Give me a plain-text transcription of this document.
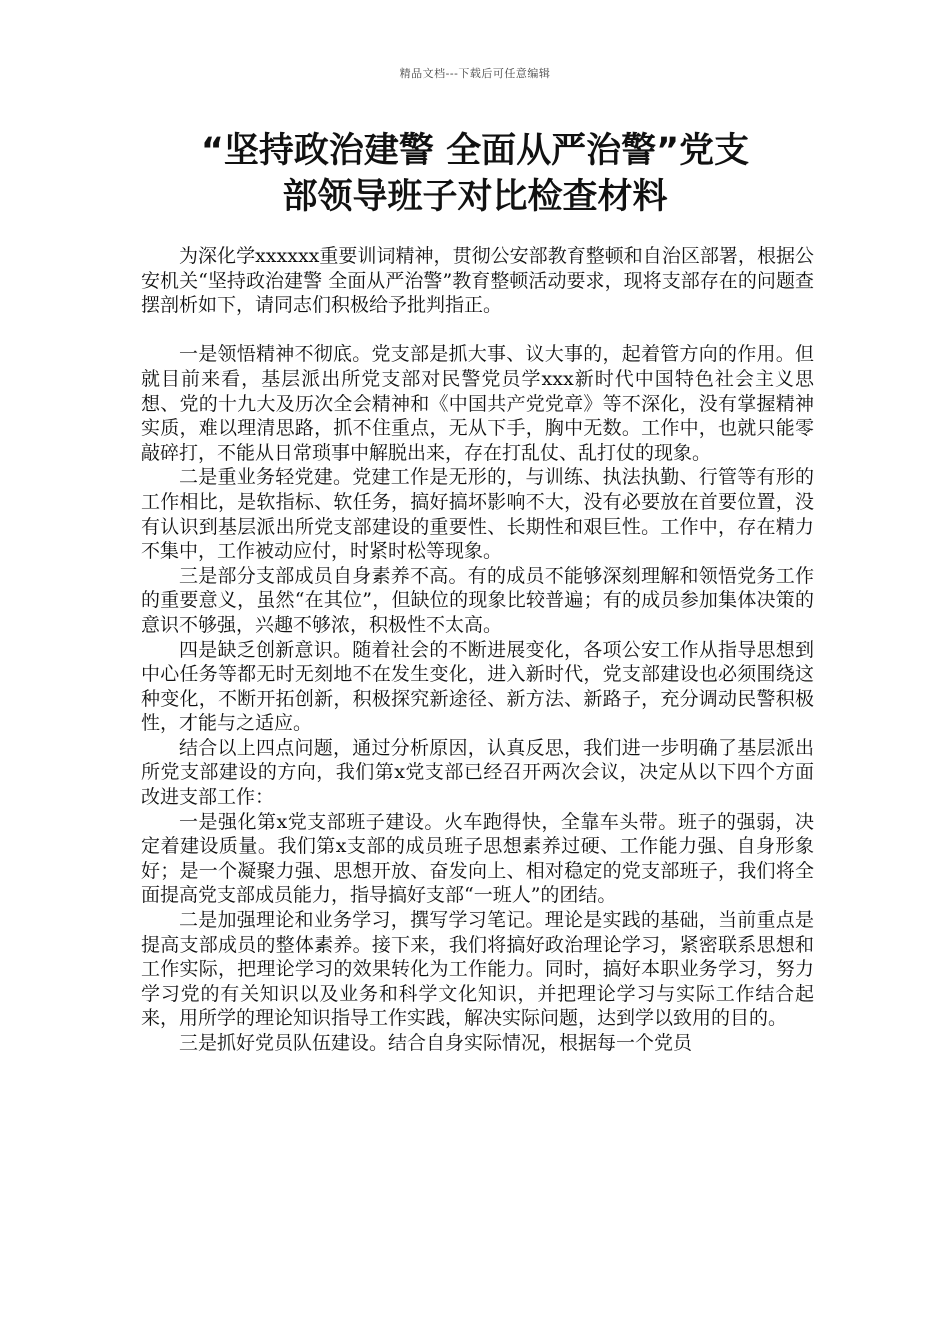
精品文档---下载后可任意编辑
“坚持政治建警 全面从严治警”党支
部领导班子对比检查材料

为深化学xxxxxx重要训词精神，贯彻公安部教育整顿和自治区部署，根据公安机关“坚持政治建警 全面从严治警”教育整顿活动要求，现将支部存在的问题查摆剖析如下，请同志们积极给予批判指正。

一是领悟精神不彻底。党支部是抓大事、议大事的，起着管方向的作用。但就目前来看，基层派出所党支部对民警党员学xxx新时代中国特色社会主义思想、党的十九大及历次全会精神和《中国共产党党章》等不深化，没有掌握精神实质，难以理清思路，抓不住重点，无从下手，胸中无数。工作中，也就只能零敲碎打，不能从日常琐事中解脱出来，存在打乱仗、乱打仗的现象。

二是重业务轻党建。党建工作是无形的，与训练、执法执勤、行管等有形的工作相比，是软指标、软任务，搞好搞坏影响不大，没有必要放在首要位置，没有认识到基层派出所党支部建设的重要性、长期性和艰巨性。工作中，存在精力不集中，工作被动应付，时紧时松等现象。

三是部分支部成员自身素养不高。有的成员不能够深刻理解和领悟党务工作的重要意义，虽然“在其位”，但缺位的现象比较普遍；有的成员参加集体决策的意识不够强，兴趣不够浓，积极性不太高。

四是缺乏创新意识。随着社会的不断进展变化，各项公安工作从指导思想到中心任务等都无时无刻地不在发生变化，进入新时代，党支部建设也必须围绕这种变化，不断开拓创新，积极探究新途径、新方法、新路子，充分调动民警积极性，才能与之适应。

结合以上四点问题，通过分析原因，认真反思，我们进一步明确了基层派出所党支部建设的方向，我们第x党支部已经召开两次会议，决定从以下四个方面改进支部工作：

一是强化第x党支部班子建设。火车跑得快，全靠车头带。班子的强弱，决定着建设质量。我们第x支部的成员班子思想素养过硬、工作能力强、自身形象好；是一个凝聚力强、思想开放、奋发向上、相对稳定的党支部班子，我们将全面提高党支部成员能力，指导搞好支部“一班人”的团结。

二是加强理论和业务学习，撰写学习笔记。理论是实践的基础，当前重点是提高支部成员的整体素养。接下来，我们将搞好政治理论学习，紧密联系思想和工作实际，把理论学习的效果转化为工作能力。同时，搞好本职业务学习，努力学习党的有关知识以及业务和科学文化知识，并把理论学习与实际工作结合起来，用所学的理论知识指导工作实践，解决实际问题，达到学以致用的目的。

三是抓好党员队伍建设。结合自身实际情况，根据每一个党员
